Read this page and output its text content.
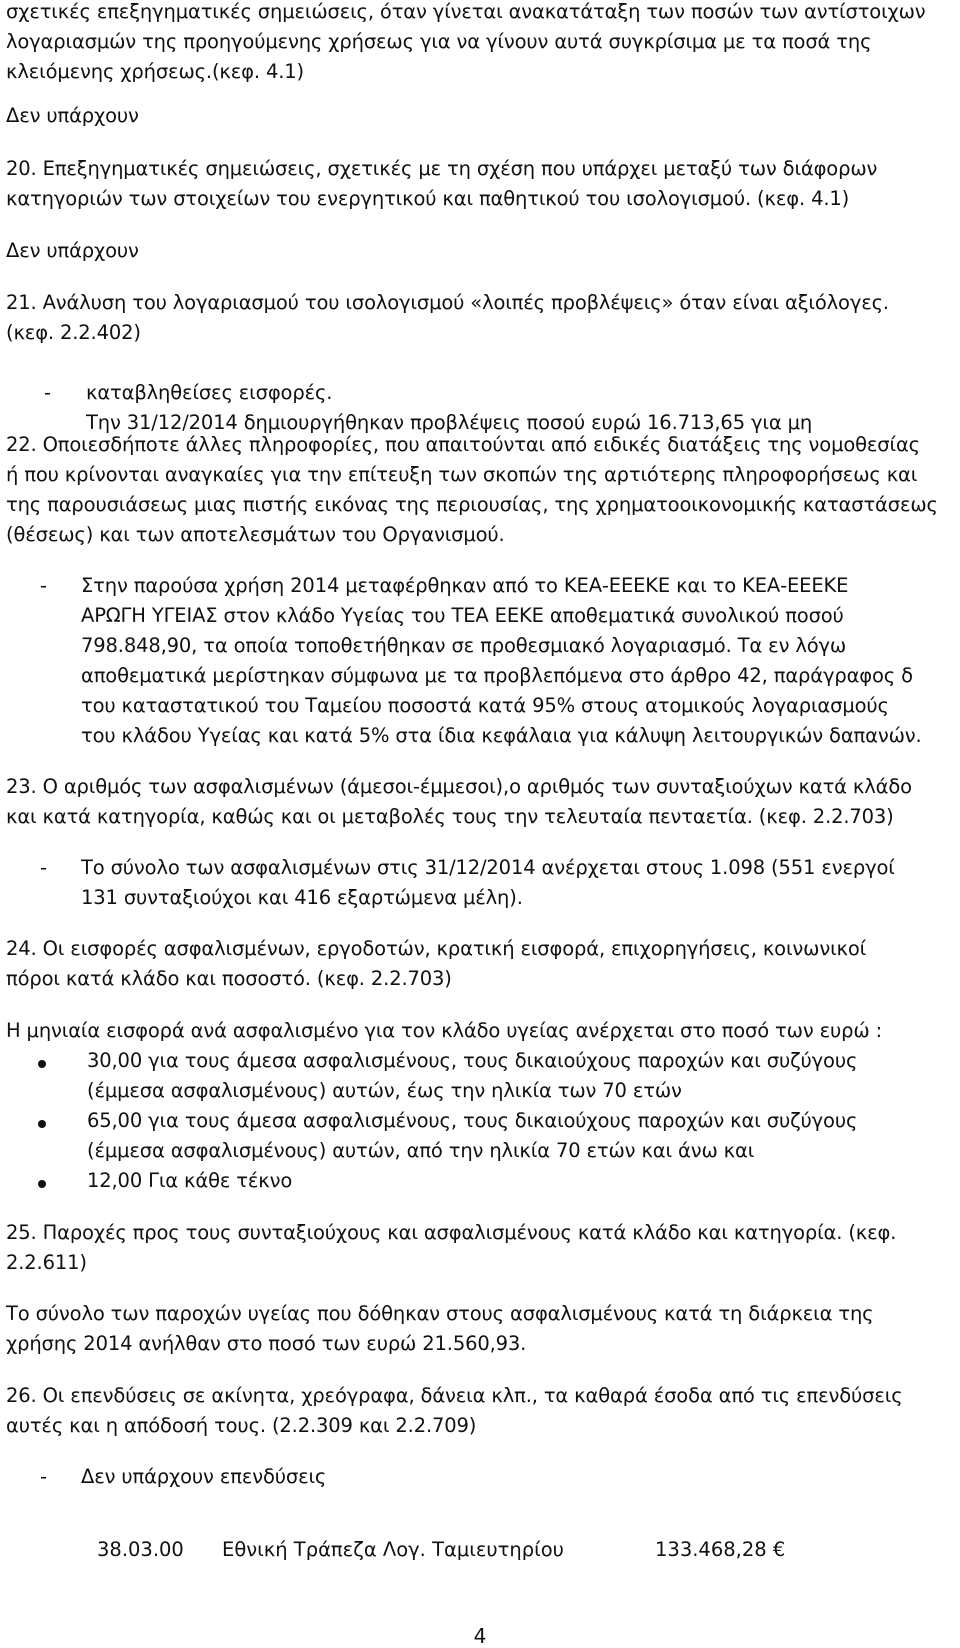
σχετικές επεξηγηματικές σημειώσεις, όταν γίνεται ανακατάταξη των ποσών των αντίστοιχων
λογαριασμών της προηγούμενης χρήσεως για να γίνουν αυτά συγκρίσιμα με τα ποσά της
κλειόμενης χρήσεως.(κεφ. 4.1)
Δεν υπάρχουν
20. Επεξηγηματικές σημειώσεις, σχετικές με τη σχέση που υπάρχει μεταξύ των διάφορων
κατηγοριών των στοιχείων του ενεργητικού και παθητικού του ισολογισμού. (κεφ. 4.1)
Δεν υπάρχουν
21. Ανάλυση του λογαριασμού του ισολογισμού «λοιπές προβλέψεις» όταν είναι αξιόλογες.
(κεφ. 2.2.402)

-

Την 31/12/2014 δημιουργήθηκαν προβλέψεις ποσού ευρώ 16.713,65 για μη

καταβληθείσες εισφορές.
22. Οποιεσδήποτε άλλες πληροφορίες, που απαιτούνται από ειδικές διατάξεις της νομοθεσίας
ή που κρίνονται αναγκαίες για την επίτευξη των σκοπών της αρτιότερης πληροφορήσεως και
της παρουσιάσεως μιας πιστής εικόνας της περιουσίας, της χρηματοοικονομικής καταστάσεως
(θέσεως) και των αποτελεσμάτων του Οργανισμού.
-	Στην παρούσα χρήση 2014 μεταφέρθηκαν από το ΚΕΑ-ΕΕΕΚΕ και το ΚΕΑ-ΕΕΕΚΕ
ΑΡΩΓΗ ΥΓΕΙΑΣ στον κλάδο Υγείας του ΤΕΑ ΕΕΚΕ αποθεματικά συνολικού ποσού
798.848,90, τα οποία τοποθετήθηκαν σε προθεσμιακό λογαριασμό. Τα εν λόγω
αποθεματικά μερίστηκαν σύμφωνα με τα προβλεπόμενα στο άρθρο 42, παράγραφος δ
του καταστατικού του Ταμείου ποσοστά κατά 95% στους ατομικούς λογαριασμούς
του κλάδου Υγείας και κατά 5% στα ίδια κεφάλαια για κάλυψη λειτουργικών δαπανών.
23. Ο αριθμός των ασφαλισμένων (άμεσοι-έμμεσοι),ο αριθμός των συνταξιούχων κατά κλάδο
και κατά κατηγορία, καθώς και οι μεταβολές τους την τελευταία πενταετία. (κεφ. 2.2.703)
-	Το σύνολο των ασφαλισμένων στις 31/12/2014 ανέρχεται στους 1.098 (551 ενεργοί
131 συνταξιούχοι και 416 εξαρτώμενα μέλη).
24. Οι εισφορές ασφαλισμένων, εργοδοτών, κρατική εισφορά, επιχορηγήσεις, κοινωνικοί
πόροι κατά κλάδο και ποσοστό. (κεφ. 2.2.703)
Η μηνιαία εισφορά ανά ασφαλισμένο για τον κλάδο υγείας ανέρχεται στο ποσό των ευρώ :
30,00 για τους άμεσα ασφαλισμένους, τους δικαιούχους παροχών και συζύγους
(έμμεσα ασφαλισμένους) αυτών, έως την ηλικία των 70 ετών
65,00 για τους άμεσα ασφαλισμένους, τους δικαιούχους παροχών και συζύγους
(έμμεσα ασφαλισμένους) αυτών, από την ηλικία 70 ετών και άνω και
12,00 Για κάθε τέκνο
25. Παροχές προς τους συνταξιούχους και ασφαλισμένους κατά κλάδο και κατηγορία. (κεφ.
2.2.611)
Το σύνολο των παροχών υγείας που δόθηκαν στους ασφαλισμένους κατά τη διάρκεια της
χρήσης 2014 ανήλθαν στο ποσό των ευρώ 21.560,93.
26. Οι επενδύσεις σε ακίνητα, χρεόγραφα, δάνεια κλπ., τα καθαρά έσοδα από τις επενδύσεις
αυτές και η απόδοσή τους. (2.2.309 και 2.2.709)
-	Δεν υπάρχουν επενδύσεις
38.03.00 Εθνική Τράπεζα Λογ. Ταμιευτηρίου	133.468,28 €
4
